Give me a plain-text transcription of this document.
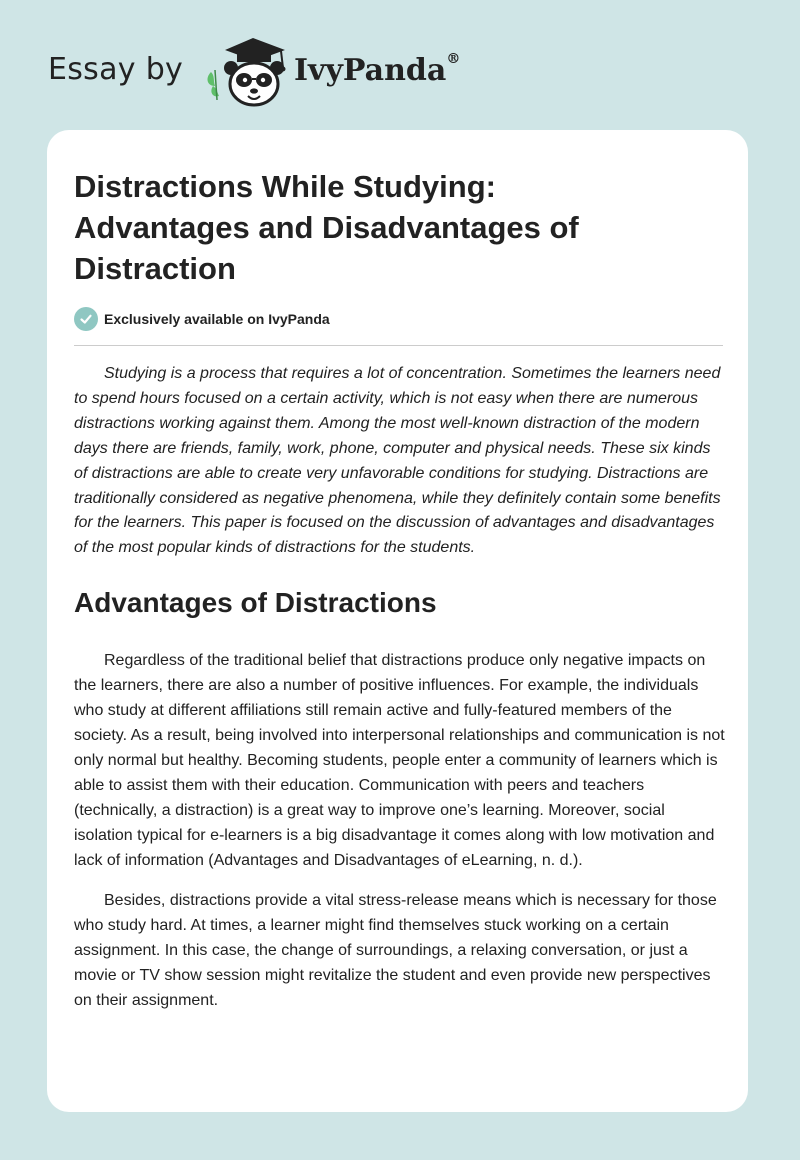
Essay by	IvyPanda®
Distractions While Studying: Advantages and Disadvantages of Distraction
Exclusively available on IvyPanda

Studying is a process that requires a lot of concentration. Sometimes the learners need to spend hours focused on a certain activity, which is not easy when there are numerous distractions working against them. Among the most well-known distraction of the modern days there are friends, family, work, phone, computer and physical needs. These six kinds of distractions are able to create very unfavorable conditions for studying. Distractions are traditionally considered as negative phenomena, while they definitely contain some benefits for the learners. This paper is focused on the discussion of advantages and disadvantages of the most popular kinds of distractions for the students.

Advantages of Distractions

Regardless of the traditional belief that distractions produce only negative impacts on the learners, there are also a number of positive influences. For example, the individuals who study at different affiliations still remain active and fully-featured members of the society. As a result, being involved into interpersonal relationships and communication is not only normal but healthy. Becoming students, people enter a community of learners which is able to assist them with their education. Communication with peers and teachers (technically, a distraction) is a great way to improve one’s learning. Moreover, social isolation typical for e-learners is a big disadvantage it comes along with low motivation and lack of information (Advantages and Disadvantages of eLearning, n. d.).

Besides, distractions provide a vital stress-release means which is necessary for those who study hard. At times, a learner might find themselves stuck working on a certain assignment. In this case, the change of surroundings, a relaxing conversation, or just a movie or TV show session might revitalize the student and even provide new perspectives on their assignment.
